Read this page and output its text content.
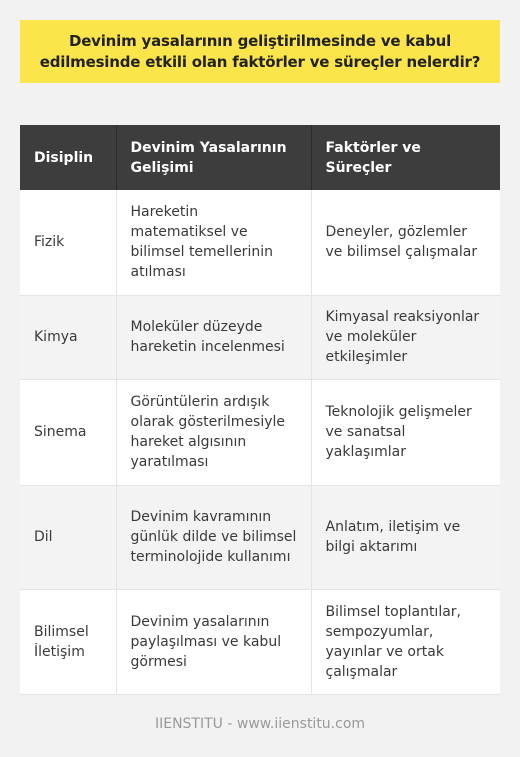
Devinim yasalarının geliştirilmesinde ve kabul edilmesinde etkili olan faktörler ve süreçler nelerdir?
Disiplin	Devinim Yasalarının Gelişimi	Faktörler ve Süreçler
Fizik	Hareketin matematiksel ve bilimsel temellerinin atılması	Deneyler, gözlemler ve bilimsel çalışmalar
Kimya	Moleküler düzeyde hareketin incelenmesi	Kimyasal reaksiyonlar ve moleküler etkileşimler
Sinema	Görüntülerin ardışık olarak gösterilmesiyle hareket algısının yaratılması	Teknolojik gelişmeler ve sanatsal yaklaşımlar
Dil	Devinim kavramının günlük dilde ve bilimsel terminolojide kullanımı	Anlatım, iletişim ve bilgi aktarımı
Bilimsel İletişim	Devinim yasalarının paylaşılması ve kabul görmesi	Bilimsel toplantılar, sempozyumlar, yayınlar ve ortak çalışmalar
IIENSTITU - www.iienstitu.com
